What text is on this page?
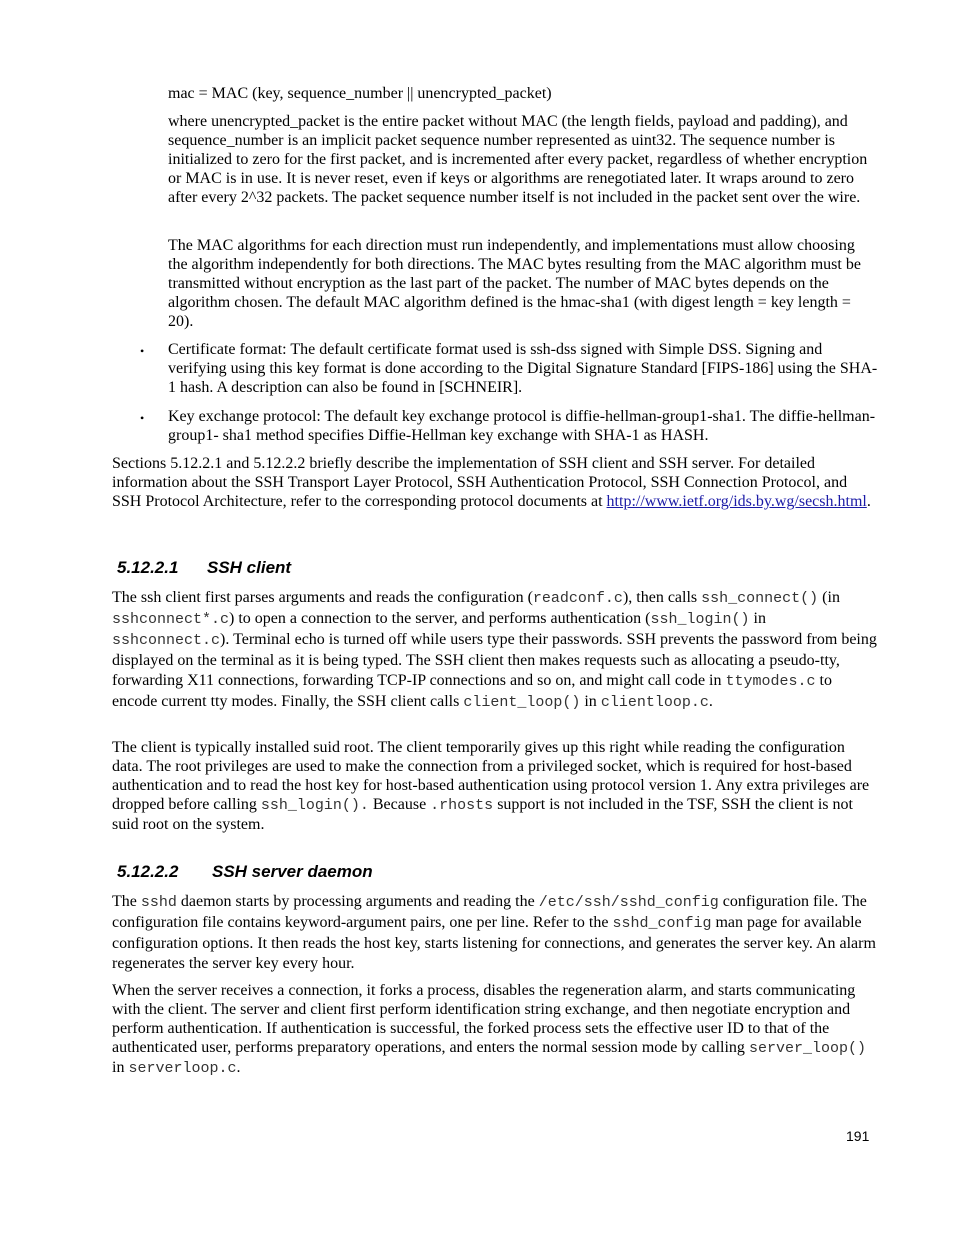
mac = MAC (key, sequence_number || unencrypted_packet)

where unencrypted_packet is the entire packet without MAC (the length fields, payload and padding), and sequence_number is an implicit packet sequence number represented as uint32. The sequence number is initialized to zero for the first packet, and is incremented after every packet, regardless of whether encryption or MAC is in use. It is never reset, even if keys or algorithms are renegotiated later. It wraps around to zero after every 2^32 packets. The packet sequence number itself is not included in the packet sent over the wire.

The MAC algorithms for each direction must run independently, and implementations must allow choosing the algorithm independently for both directions. The MAC bytes resulting from the MAC algorithm must be transmitted without encryption as the last part of the packet. The number of MAC bytes depends on the algorithm chosen. The default MAC algorithm defined is the hmac-sha1 (with digest length = key length = 20).

• Certificate format: The default certificate format used is ssh-dss signed with Simple DSS. Signing and verifying using this key format is done according to the Digital Signature Standard [FIPS-186] using the SHA-1 hash. A description can also be found in [SCHNEIR].

• Key exchange protocol: The default key exchange protocol is diffie-hellman-group1-sha1. The diffie-hellman-group1- sha1 method specifies Diffie-Hellman key exchange with SHA-1 as HASH.

Sections 5.12.2.1 and 5.12.2.2 briefly describe the implementation of SSH client and SSH server. For detailed information about the SSH Transport Layer Protocol, SSH Authentication Protocol, SSH Connection Protocol, and SSH Protocol Architecture, refer to the corresponding protocol documents at http://www.ietf.org/ids.by.wg/secsh.html.

5.12.2.1 SSH client

The ssh client first parses arguments and reads the configuration (readconf.c), then calls ssh_connect() (in sshconnect*.c) to open a connection to the server, and performs authentication (ssh_login() in sshconnect.c). Terminal echo is turned off while users type their passwords. SSH prevents the password from being displayed on the terminal as it is being typed. The SSH client then makes requests such as allocating a pseudo-tty, forwarding X11 connections, forwarding TCP-IP connections and so on, and might call code in ttymodes.c to encode current tty modes. Finally, the SSH client calls client_loop() in clientloop.c.

The client is typically installed suid root. The client temporarily gives up this right while reading the configuration data. The root privileges are used to make the connection from a privileged socket, which is required for host-based authentication and to read the host key for host-based authentication using protocol version 1. Any extra privileges are dropped before calling ssh_login(). Because .rhosts support is not included in the TSF, SSH the client is not suid root on the system.

5.12.2.2 SSH server daemon

The sshd daemon starts by processing arguments and reading the /etc/ssh/sshd_config configuration file. The configuration file contains keyword-argument pairs, one per line. Refer to the sshd_config man page for available configuration options. It then reads the host key, starts listening for connections, and generates the server key. An alarm regenerates the server key every hour.

When the server receives a connection, it forks a process, disables the regeneration alarm, and starts communicating with the client. The server and client first perform identification string exchange, and then negotiate encryption and perform authentication. If authentication is successful, the forked process sets the effective user ID to that of the authenticated user, performs preparatory operations, and enters the normal session mode by calling server_loop() in serverloop.c.

191
